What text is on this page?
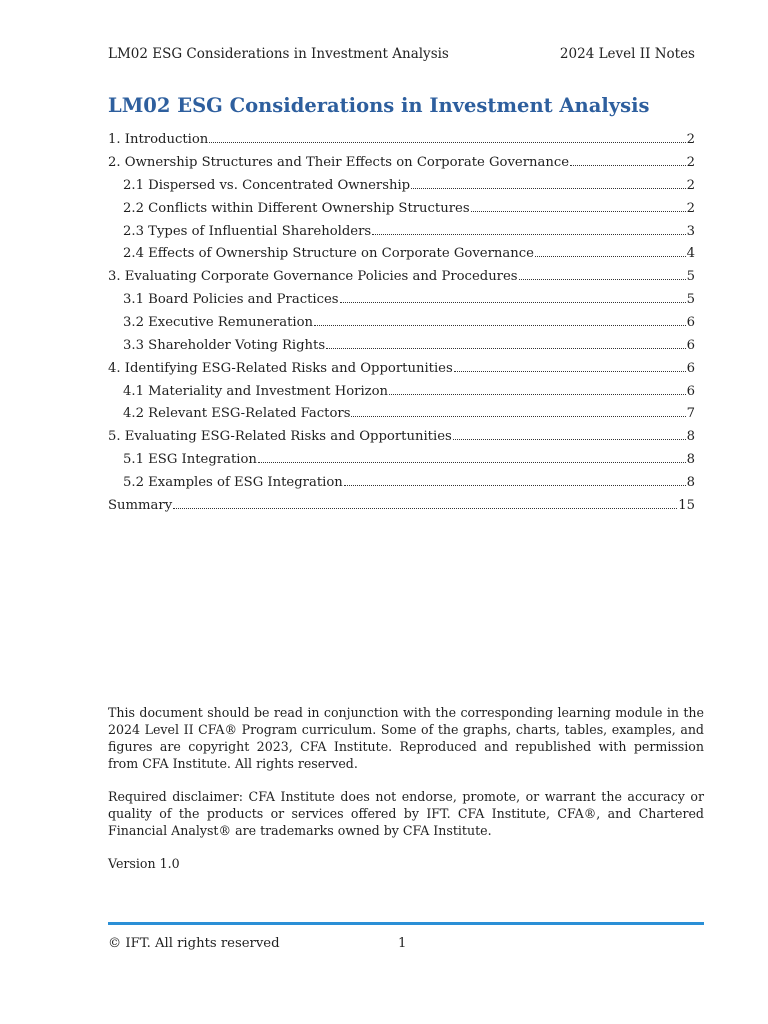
LM02 ESG Considerations in Investment Analysis	2024 Level II Notes
LM02 ESG Considerations in Investment Analysis
1. Introduction	2
2. Ownership Structures and Their Effects on Corporate Governance	2
2.1 Dispersed vs. Concentrated Ownership	2
2.2 Conflicts within Different Ownership Structures	2
2.3 Types of Influential Shareholders	3
2.4 Effects of Ownership Structure on Corporate Governance	4
3. Evaluating Corporate Governance Policies and Procedures	5
3.1 Board Policies and Practices	5
3.2 Executive Remuneration	6
3.3 Shareholder Voting Rights	6
4. Identifying ESG-Related Risks and Opportunities	6
4.1 Materiality and Investment Horizon	6
4.2 Relevant ESG-Related Factors	7
5. Evaluating ESG-Related Risks and Opportunities	8
5.1 ESG Integration	8
5.2 Examples of ESG Integration	8
Summary	15

This document should be read in conjunction with the corresponding learning module in the 2024 Level II CFA® Program curriculum. Some of the graphs, charts, tables, examples, and figures are copyright 2023, CFA Institute. Reproduced and republished with permission from CFA Institute. All rights reserved.

Required disclaimer: CFA Institute does not endorse, promote, or warrant the accuracy or quality of the products or services offered by IFT. CFA Institute, CFA®, and Chartered Financial Analyst® are trademarks owned by CFA Institute.

Version 1.0

© IFT. All rights reserved	1
